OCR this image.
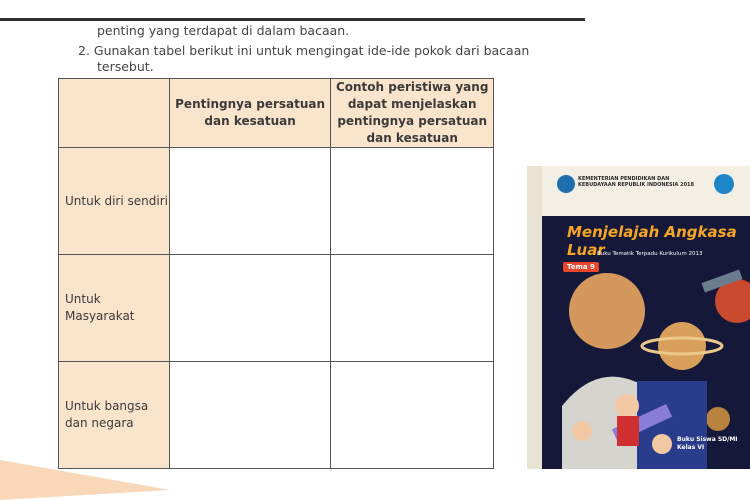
penting yang terdapat di dalam bacaan.
2. Gunakan tabel berikut ini untuk mengingat ide-ide pokok dari bacaan
tersebut.
	Pentingnya persatuan dan kesatuan	Contoh peristiwa yang dapat menjelaskan pentingnya persatuan dan kesatuan
Untuk diri sendiri		
Untuk Masyarakat		
Untuk bangsa dan negara		
KEMENTERIAN PENDIDIKAN DAN KEBUDAYAAN REPUBLIK INDONESIA 2018
Menjelajah Angkasa Luar
Buku Tematik Terpadu Kurikulum 2013
Tema 9
Buku Siswa SD/MI
Kelas VI
